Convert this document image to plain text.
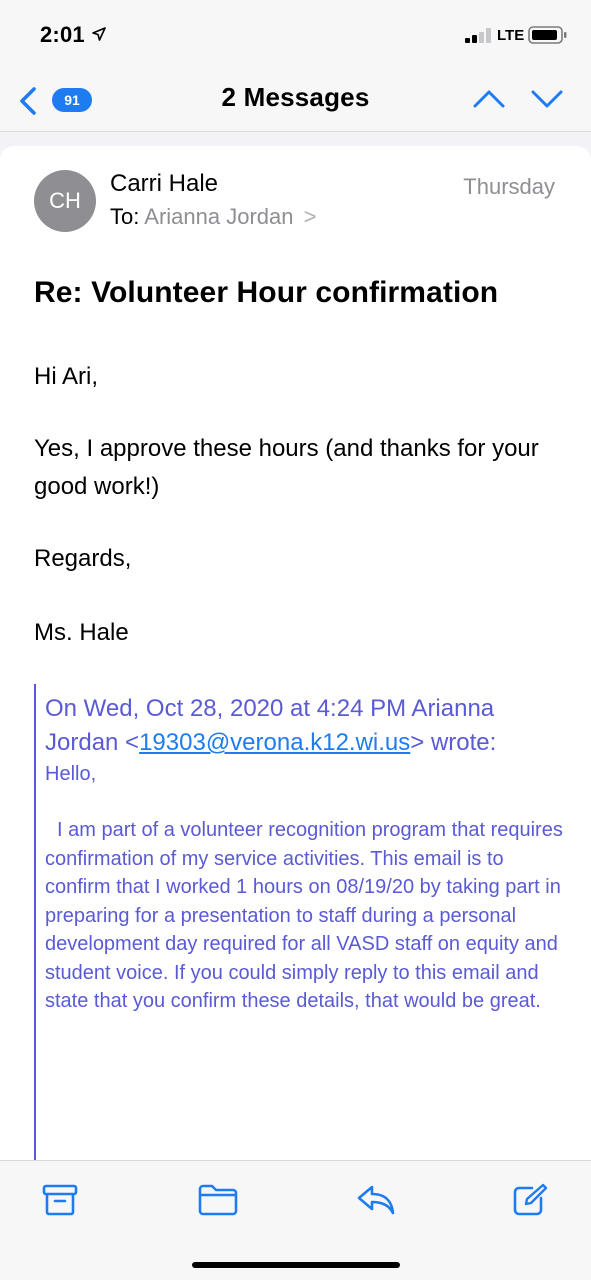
2:01	LTE
91	2 Messages
CH
Carri Hale
To: Arianna Jordan >
Thursday
Re: Volunteer Hour confirmation
Hi Ari,
Yes, I approve these hours (and thanks for your good work!)
Regards,
Ms. Hale
On Wed, Oct 28, 2020 at 4:24 PM Arianna Jordan <19303@verona.k12.wi.us> wrote:
Hello,
I am part of a volunteer recognition program that requires confirmation of my service activities. This email is to confirm that I worked 1 hours on 08/19/20 by taking part in preparing for a presentation to staff during a personal development day required for all VASD staff on equity and student voice. If you could simply reply to this email and state that you confirm these details, that would be great.
